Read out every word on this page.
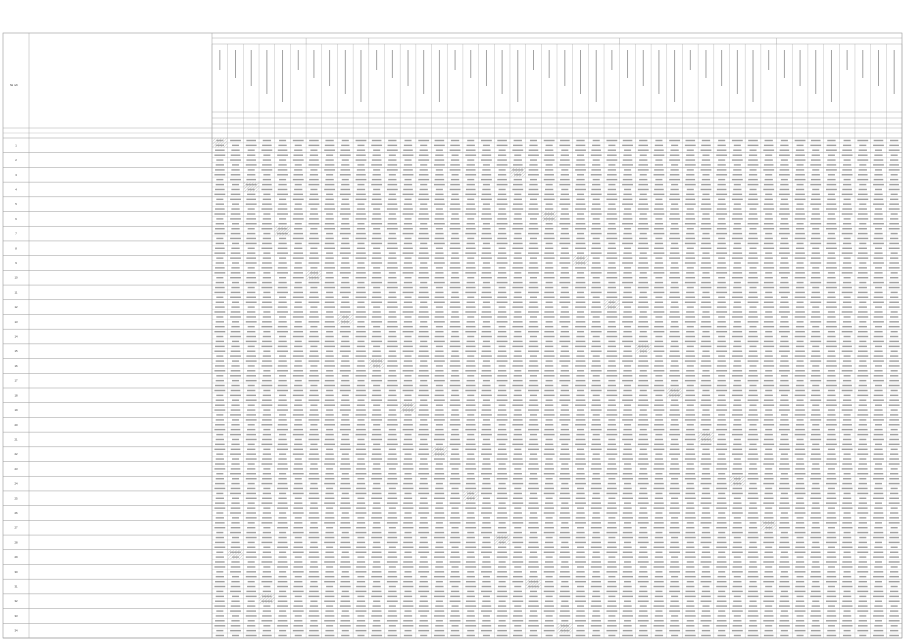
№ п/п
1
2
3
4
5
6
7
8
9
10
11
12
13
14
15
16
17
18
19
20
21
22
23
24
25
26
27
28
29
30
31
32
33
34
